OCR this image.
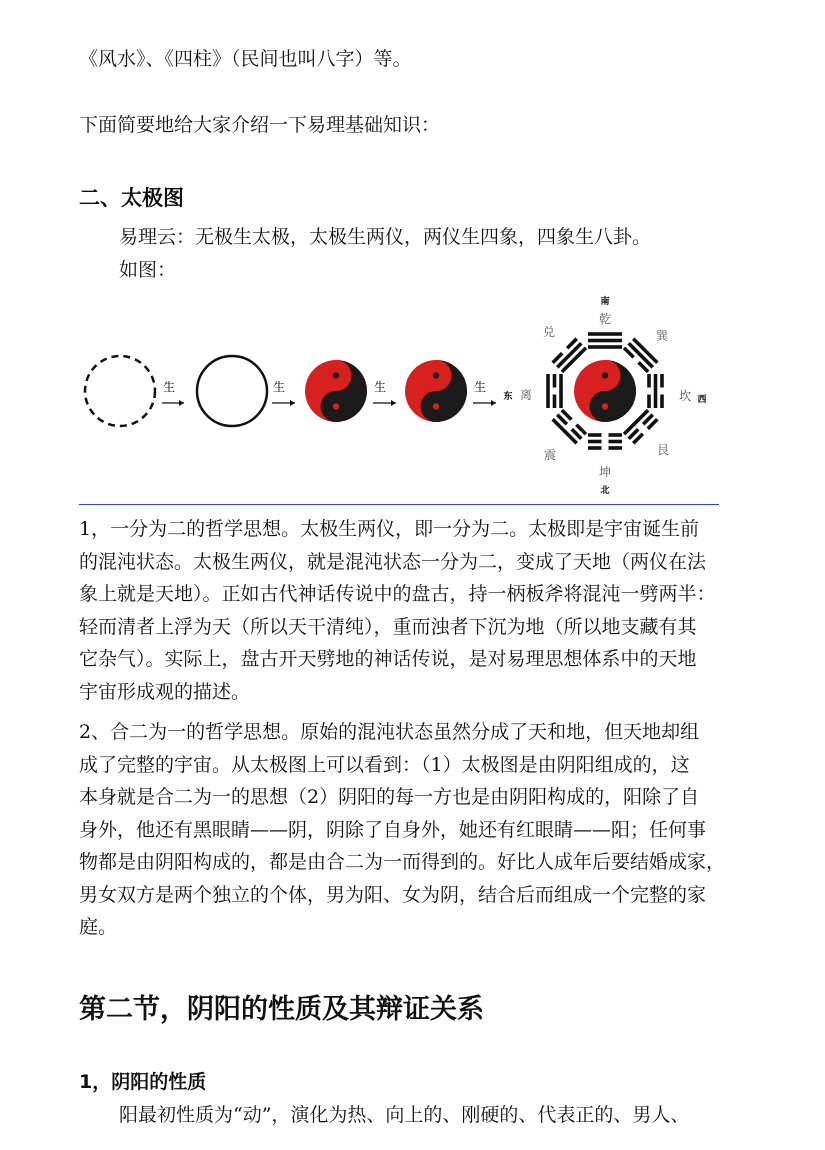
《风水》、《四柱》（民间也叫八字）等。
下面简要地给大家介绍一下易理基础知识：
二、太极图
易理云：无极生太极，太极生两仪，两仪生四象，四象生八卦。
如图：
生	生	生	生
南
北
东	西
乾
坤
离	坎
兑	巽
震	艮

1，一分为二的哲学思想。太极生两仪，即一分为二。太极即是宇宙诞生前

的混沌状态。太极生两仪，就是混沌状态一分为二，变成了天地（两仪在法

象上就是天地）。正如古代神话传说中的盘古，持一柄板斧将混沌一劈两半：

轻而清者上浮为天（所以天干清纯），重而浊者下沉为地（所以地支藏有其

它杂气）。实际上，盘古开天劈地的神话传说，是对易理思想体系中的天地

宇宙形成观的描述。

2、合二为一的哲学思想。原始的混沌状态虽然分成了天和地，但天地却组

成了完整的宇宙。从太极图上可以看到：（1）太极图是由阴阳组成的，这

本身就是合二为一的思想（2）阴阳的每一方也是由阴阳构成的，阳除了自

身外，他还有黑眼睛——阴，阴除了自身外，她还有红眼睛——阳；任何事

物都是由阴阳构成的，都是由合二为一而得到的。好比人成年后要结婚成家，

男女双方是两个独立的个体，男为阳、女为阴，结合后而组成一个完整的家

庭。

第二节，阴阳的性质及其辩证关系
1，阴阳的性质
阳最初性质为“动”，演化为热、向上的、刚硬的、代表正的、男人、
